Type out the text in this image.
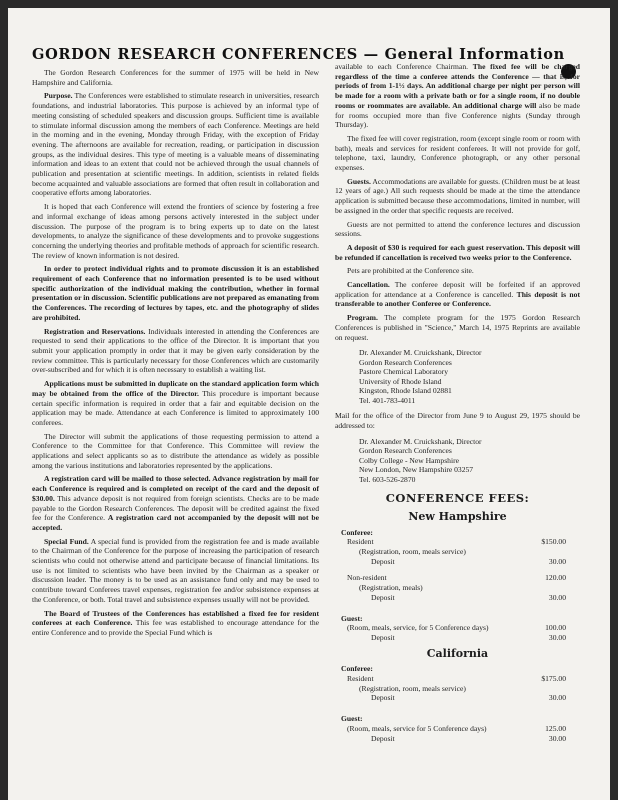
GORDON RESEARCH CONFERENCES — General Information

The Gordon Research Conferences for the summer of 1975 will be held in New Hampshire and California.

Purpose. The Conferences were established to stimulate research in universities, research foundations, and industrial laboratories. This purpose is achieved by an informal type of meeting consisting of scheduled speakers and discussion groups. Sufficient time is available to stimulate informal discussion among the members of each Conference. Meetings are held in the morning and in the evening, Monday through Friday, with the exception of Friday evening. The afternoons are available for recreation, reading, or participation in discussion groups, as the individual desires. This type of meeting is a valuable means of disseminating information and ideas to an extent that could not be achieved through the usual channels of publication and presentation at scientific meetings. In addition, scientists in related fields become acquainted and valuable associations are formed that often result in collaboration and cooperative efforts among laboratories.

It is hoped that each Conference will extend the frontiers of science by fostering a free and informal exchange of ideas among persons actively interested in the subject under discussion. The purpose of the program is to bring experts up to date on the latest developments, to analyze the significance of these developments and to provoke suggestions concerning the underlying theories and profitable methods of approach for scientific research. The review of known information is not desired.

In order to protect individual rights and to promote discussion it is an established requirement of each Conference that no information presented is to be used without specific authorization of the individual making the contribution, whether in formal presentation or in discussion. Scientific publications are not prepared as emanating from the Conferences. The recording of lectures by tapes, etc. and the photography of slides are prohibited.

Registration and Reservations. Individuals interested in attending the Conferences are requested to send their applications to the office of the Director. It is important that you submit your application promptly in order that it may be given early consideration by the review committee. This is particularly necessary for those Conferences which are customarily over-subscribed and for which it is often necessary to establish a waiting list.

Applications must be submitted in duplicate on the standard application form which may be obtained from the office of the Director. This procedure is important because certain specific information is required in order that a fair and equitable decision on the application may be made. Attendance at each Conference is limited to approximately 100 conferees.

The Director will submit the applications of those requesting permission to attend a Conference to the Committee for that Conference. This Committee will review the applications and select applicants so as to distribute the attendance as widely as possible among the various institutions and laboratories represented by the applications.

A registration card will be mailed to those selected. Advance registration by mail for each Conference is required and is completed on receipt of the card and the deposit of $30.00. This advance deposit is not required from foreign scientists. Checks are to be made payable to the Gordon Research Conferences. The deposit will be credited against the fixed fee for the Conference. A registration card not accompanied by the deposit will not be accepted.

Special Fund. A special fund is provided from the registration fee and is made available to the Chairman of the Conference for the purpose of increasing the participation of research scientists who could not otherwise attend and participate because of financial limitations. Its use is not limited to scientists who have been invited by the Chairman as a speaker or discussion leader. The money is to be used as an assistance fund only and may be used to contribute toward Conferees travel expenses, registration fee and/or subsistence expenses at the Conference, or both. Total travel and subsistence expenses usually will not be provided.

The Board of Trustees of the Conferences has established a fixed fee for resident conferees at each Conference. This fee was established to encourage attendance for the entire Conference and to provide the Special Fund which is

available to each Conference Chairman. The fixed fee will be charged regardless of the time a conferee attends the Conference — that is, for periods of from 1-1½ days. An additional charge per night per person will be made for a room with a private bath or for a single room, if no double rooms or roommates are available. An additional charge will also be made for rooms occupied more than five Conference nights (Sunday through Thursday).

The fixed fee will cover registration, room (except single room or room with bath), meals and services for resident conferees. It will not provide for golf, telephone, taxi, laundry, Conference photograph, or any other personal expenses.

Guests. Accommodations are available for guests. (Children must be at least 12 years of age.) All such requests should be made at the time the attendance application is submitted because these accommodations, limited in number, will be assigned in the order that specific requests are received.

Guests are not permitted to attend the conference lectures and discussion sessions.

A deposit of $30 is required for each guest reservation. This deposit will be refunded if cancellation is received two weeks prior to the Conference.

Pets are prohibited at the Conference site.

Cancellation. The conferee deposit will be forfeited if an approved application for attendance at a Conference is cancelled. This deposit is not transferable to another Conferee or Conference.

Program. The complete program for the 1975 Gordon Research Conferences is published in "Science," March 14, 1975 Reprints are available on request.

Dr. Alexander M. Cruickshank, Director
Gordon Research Conferences
Pastore Chemical Laboratory
University of Rhode Island
Kingston, Rhode Island 02881
Tel. 401-783-4011

Mail for the office of the Director from June 9 to August 29, 1975 should be addressed to:

Dr. Alexander M. Cruickshank, Director
Gordon Research Conferences
Colby College - New Hampshire
New London, New Hampshire 03257
Tel. 603-526-2870
CONFERENCE FEES:
New Hampshire
Conferee:
Resident	$150.00
(Registration, room, meals service)
Deposit	30.00
Non-resident	120.00
(Registration, meals)
Deposit	30.00
Guest:
(Room, meals, service, for 5 Conference days)	100.00
Deposit	30.00
California
Conferee:
Resident	$175.00
(Registration, room, meals service)
Deposit	30.00
Guest:
(Room, meals, service for 5 Conference days)	125.00
Deposit	30.00
